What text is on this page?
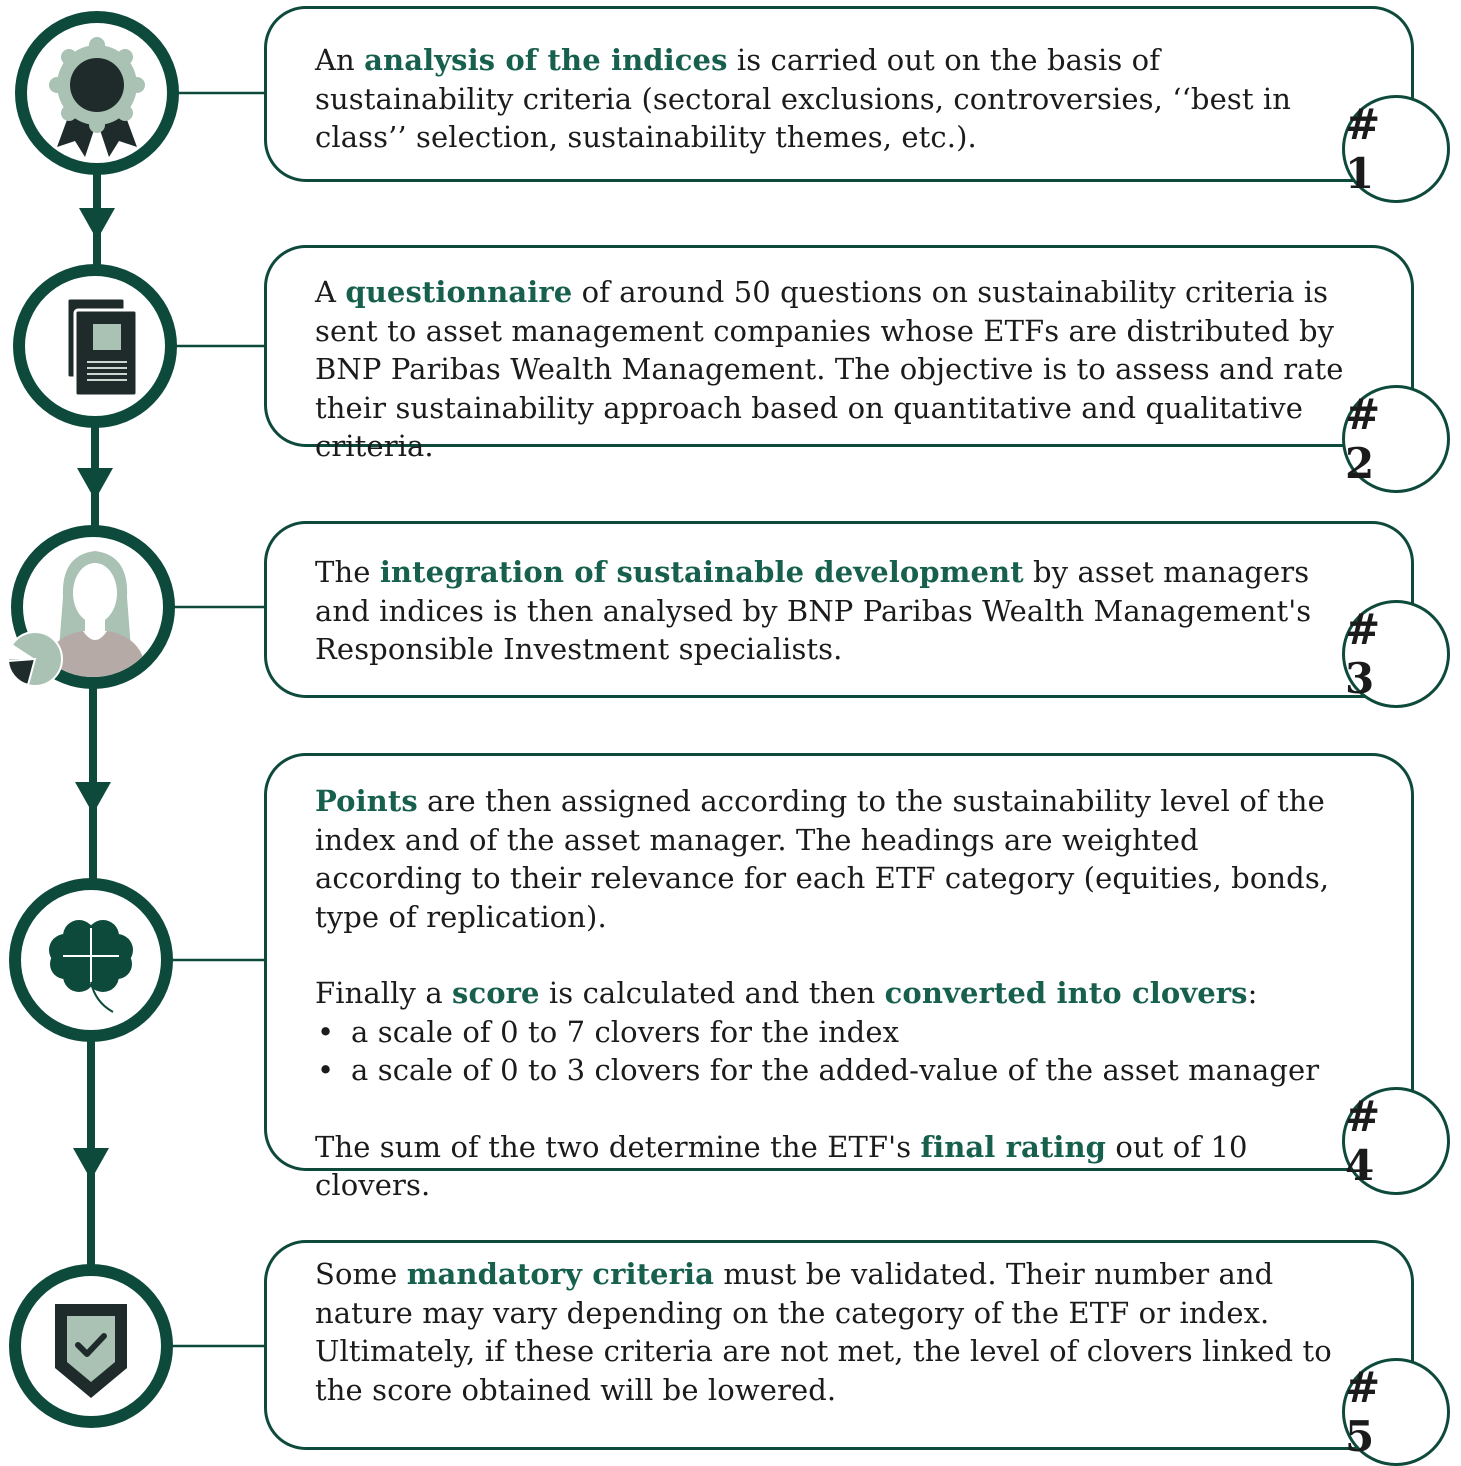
An analysis of the indices is carried out on the basis of sustainability criteria (sectoral exclusions, controversies, ‘‘best in class’’ selection, sustainability themes, etc.).

A questionnaire of around 50 questions on sustainability criteria is sent to asset management companies whose ETFs are distributed by BNP Paribas Wealth Management. The objective is to assess and rate their sustainability approach based on quantitative and qualitative criteria.

The integration of sustainable development by asset managers and indices is then analysed by BNP Paribas Wealth Management's Responsible Investment specialists.

Points are then assigned according to the sustainability level of the index and of the asset manager. The headings are weighted according to their relevance for each ETF category (equities, bonds, type of replication).

Finally a score is calculated and then converted into clovers:

• a scale of 0 to 7 clovers for the index
• a scale of 0 to 3 clovers for the added-value of the asset manager

The sum of the two determine the ETF's final rating out of 10 clovers.

Some mandatory criteria must be validated. Their number and nature may vary depending on the category of the ETF or index. Ultimately, if these criteria are not met, the level of clovers linked to the score obtained will be lowered.

# 1
# 2
# 3
# 4
# 5
